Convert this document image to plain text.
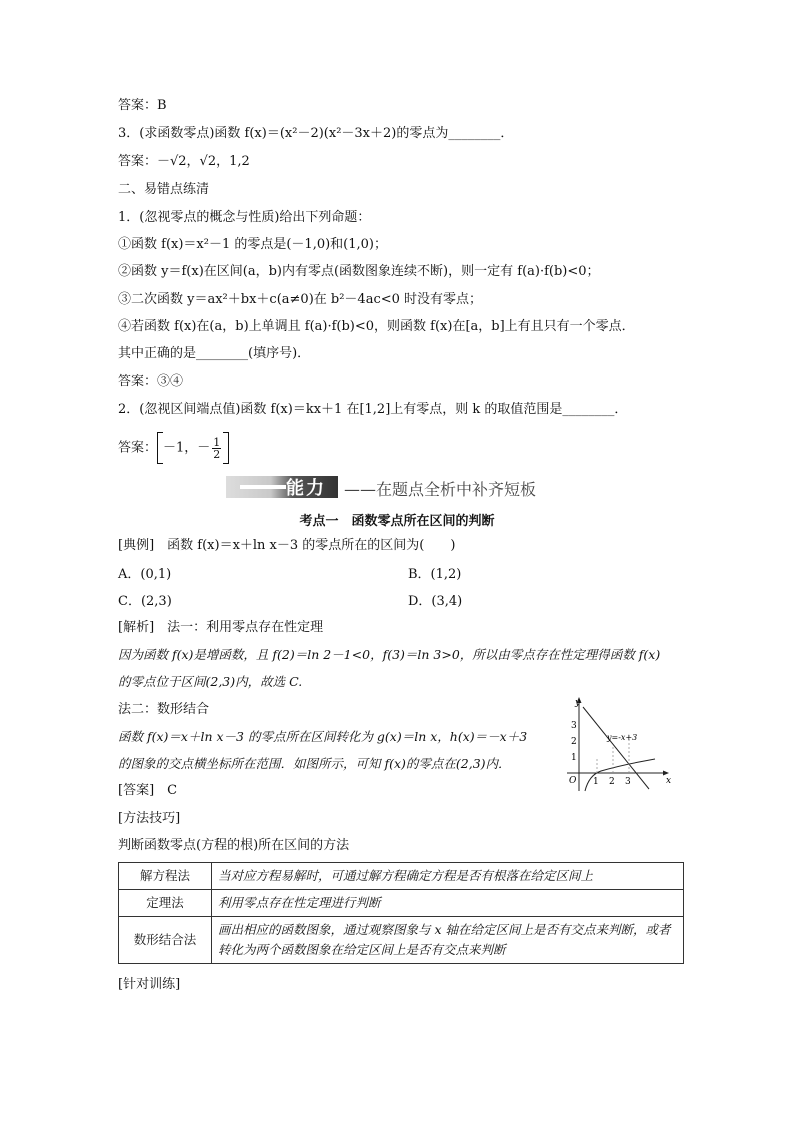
答案：B
3．(求函数零点)函数 f(x)＝(x²－2)(x²－3x＋2)的零点为________．
答案：－√2，√2，1,2
二、易错点练清
1．(忽视零点的概念与性质)给出下列命题：
①函数 f(x)＝x²－1 的零点是(－1,0)和(1,0)；
②函数 y＝f(x)在区间(a，b)内有零点(函数图象连续不断)，则一定有 f(a)·f(b)<0；
③二次函数 y＝ax²＋bx＋c(a≠0)在 b²－4ac<0 时没有零点；
④若函数 f(x)在(a，b)上单调且 f(a)·f(b)<0，则函数 f(x)在[a，b]上有且只有一个零点．
其中正确的是________(填序号)．
答案：③④
2．(忽视区间端点值)函数 f(x)＝kx＋1 在[1,2]上有零点，则 k 的取值范围是________．
答案： －1，－ $\frac{1}{2}$
能力 ——在题点全析中补齐短板
考点一　函数零点所在区间的判断
[典例]　函数 f(x)＝x＋ln x－3 的零点所在的区间为(　　)
A．(0,1)	B．(1,2)
C．(2,3)	D．(3,4)
[解析]　法一：利用零点存在性定理
因为函数 f(x)是增函数，且 f(2)＝ln 2－1<0，f(3)＝ln 3>0，所以由零点存在性定理得函数 f(x)
的零点位于区间(2,3)内，故选 C.
法二：数形结合
函数 f(x)＝x＋ln x－3 的零点所在区间转化为 g(x)＝ln x，h(x)＝－x＋3
的图象的交点横坐标所在范围．如图所示，可知 f(x)的零点在(2,3)内．
[答案]　C
[方法技巧]
判断函数零点(方程的根)所在区间的方法
y
x
O 1 2 3
1
2
3
y=-x+3
解方程法	当对应方程易解时，可通过解方程确定方程是否有根落在给定区间上
定理法	利用零点存在性定理进行判断
数形结合法	画出相应的函数图象，通过观察图象与 x 轴在给定区间上是否有交点来判断，或者转化为两个函数图象在给定区间上是否有交点来判断
[针对训练]
